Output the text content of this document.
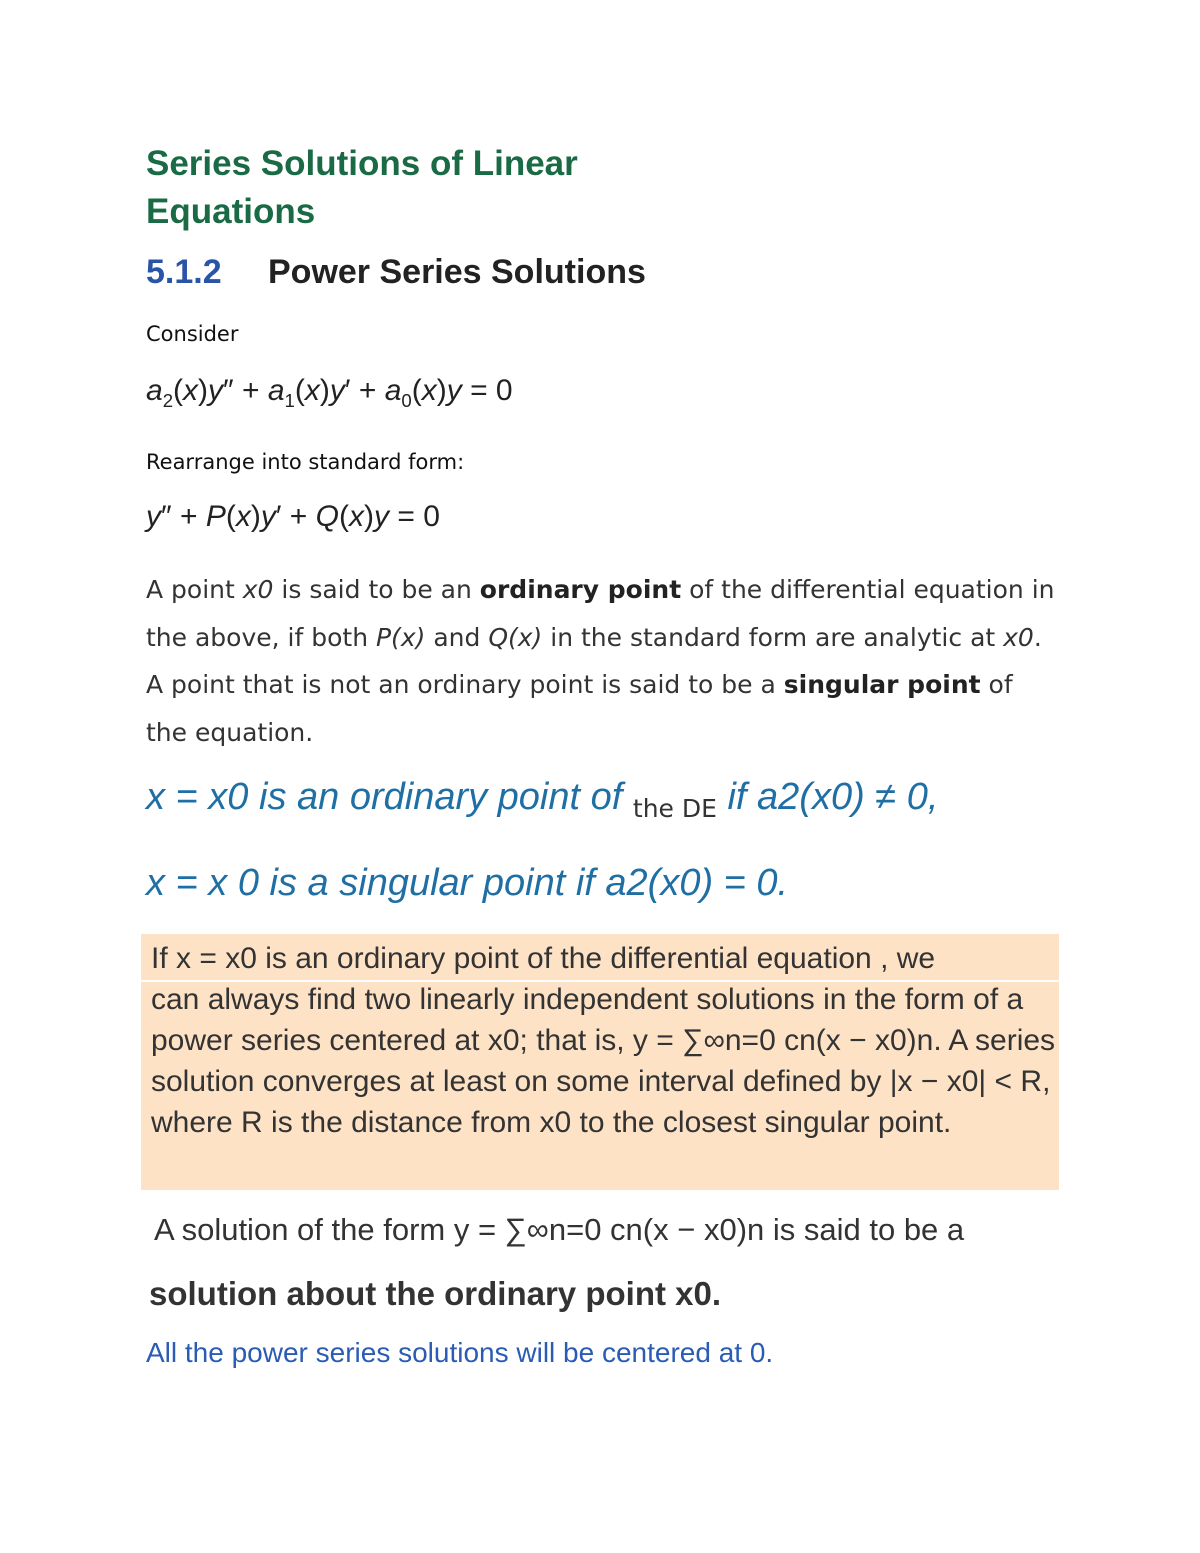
Series Solutions of Linear
Equations
5.1.2 Power Series Solutions
Consider
$a_2(x)y'' + a_1(x)y' + a_0(x)y = 0$
Rearrange into standard form:
y″ + P(x)y′ + Q(x)y = 0
A point x0 is said to be an ordinary point of the differential equation in the above, if both P(x) and Q(x) in the standard form are analytic at x0. A point that is not an ordinary point is said to be a singular point of the equation.
x = x0 is an ordinary point of $_{the DE}$ if a2(x0) ≠ 0,
x = x 0 is a singular point if a2(x0) = 0.
If x = x0 is an ordinary point of the differential equation , we
can always find two linearly independent solutions in the form of a power series centered at x0; that is, y = ∑∞n=0 cn(x − x0)n. A series solution converges at least on some interval defined by |x − x0| < R, where R is the distance from x0 to the closest singular point.
A solution of the form y = ∑∞n=0 cn(x − x0)n is said to be a
solution about the ordinary point x0.
All the power series solutions will be centered at 0.
